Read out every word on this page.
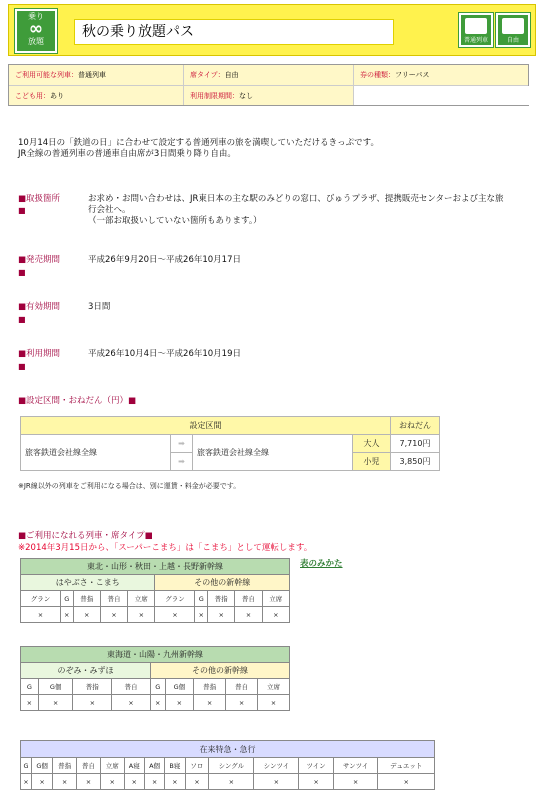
乗り
∞
放題
秋の乗り放題パス
普通列車	自由
ご利用可能な列車：普通列車	席タイプ：自由	券の種類：フリーパス
こども用：あり	利用制限期間：なし
10月14日の「鉄道の日」に合わせて設定する普通列車の旅を満喫していただけるきっぷです。
JR全線の普通列車の普通車自由席が3日間乗り降り自由。
■取扱箇所	お求め・お問い合わせは、JR東日本の主な駅のみどりの窓口、びゅうプラザ、提携販売センターおよび主な旅
行会社へ。
（一部お取扱いしていない箇所もあります。）
■
■発売期間	平成26年9月20日～平成26年10月17日
■
■有効期間	3日間
■
■利用期間	平成26年10月4日～平成26年10月19日
■
■設定区間・おねだん（円）■
設定区間				おねだん
旅客鉄道会社線全線	➡	旅客鉄道会社線全線	大人	7,710円
	➡		小児	3,850円
※JR線以外の列車をご利用になる場合は、別に運賃・料金が必要です。
■ご利用になれる列車・席タイプ■
※2014年3月15日から、「スーパーこまち」は「こまち」として運転します。
表のみかた
東北・山形・秋田・上越・長野新幹線									
はやぶさ・こまち					その他の新幹線				
グラン	G	普指	普自	立席	グラン	G	普指	普自	立席
×	×	×	×	×	×	×	×	×	×
東海道・山陽・九州新幹線								
のぞみ・みずほ				その他の新幹線				
G	G個	普指	普自	G	G個	普指	普自	立席
×	×	×	×	×	×	×	×	×
在来特急・急行													
G	G個	普指	普自	立席	A寝	A個	B寝	ソロ	シングル	シンツイ	ツイン	サンツイ	デュエット
×	×	×	×	×	×	×	×	×	×	×	×	×	×
